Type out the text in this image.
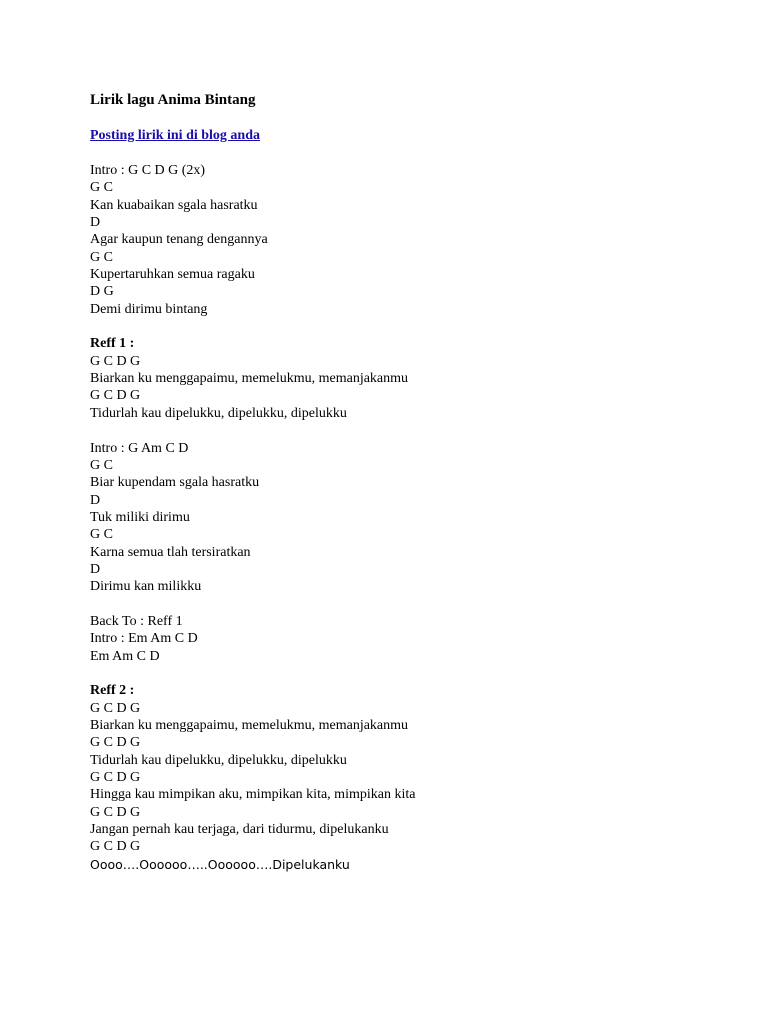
Lirik lagu Anima Bintang
Posting lirik ini di blog anda
Intro : G C D G (2x)
G C
Kan kuabaikan sgala hasratku
D
Agar kaupun tenang dengannya
G C
Kupertaruhkan semua ragaku
D G
Demi dirimu bintang
Reff 1 :
G C D G
Biarkan ku menggapaimu, memelukmu, memanjakanmu
G C D G
Tidurlah kau dipelukku, dipelukku, dipelukku
Intro : G Am C D
G C
Biar kupendam sgala hasratku
D
Tuk miliki dirimu
G C
Karna semua tlah tersiratkan
D
Dirimu kan milikku
Back To : Reff 1
Intro : Em Am C D
Em Am C D
Reff 2 :
G C D G
Biarkan ku menggapaimu, memelukmu, memanjakanmu
G C D G
Tidurlah kau dipelukku, dipelukku, dipelukku
G C D G
Hingga kau mimpikan aku, mimpikan kita, mimpikan kita
G C D G
Jangan pernah kau terjaga, dari tidurmu, dipelukanku
G C D G
Oooo….Oooooo…..Oooooo….Dipelukanku
